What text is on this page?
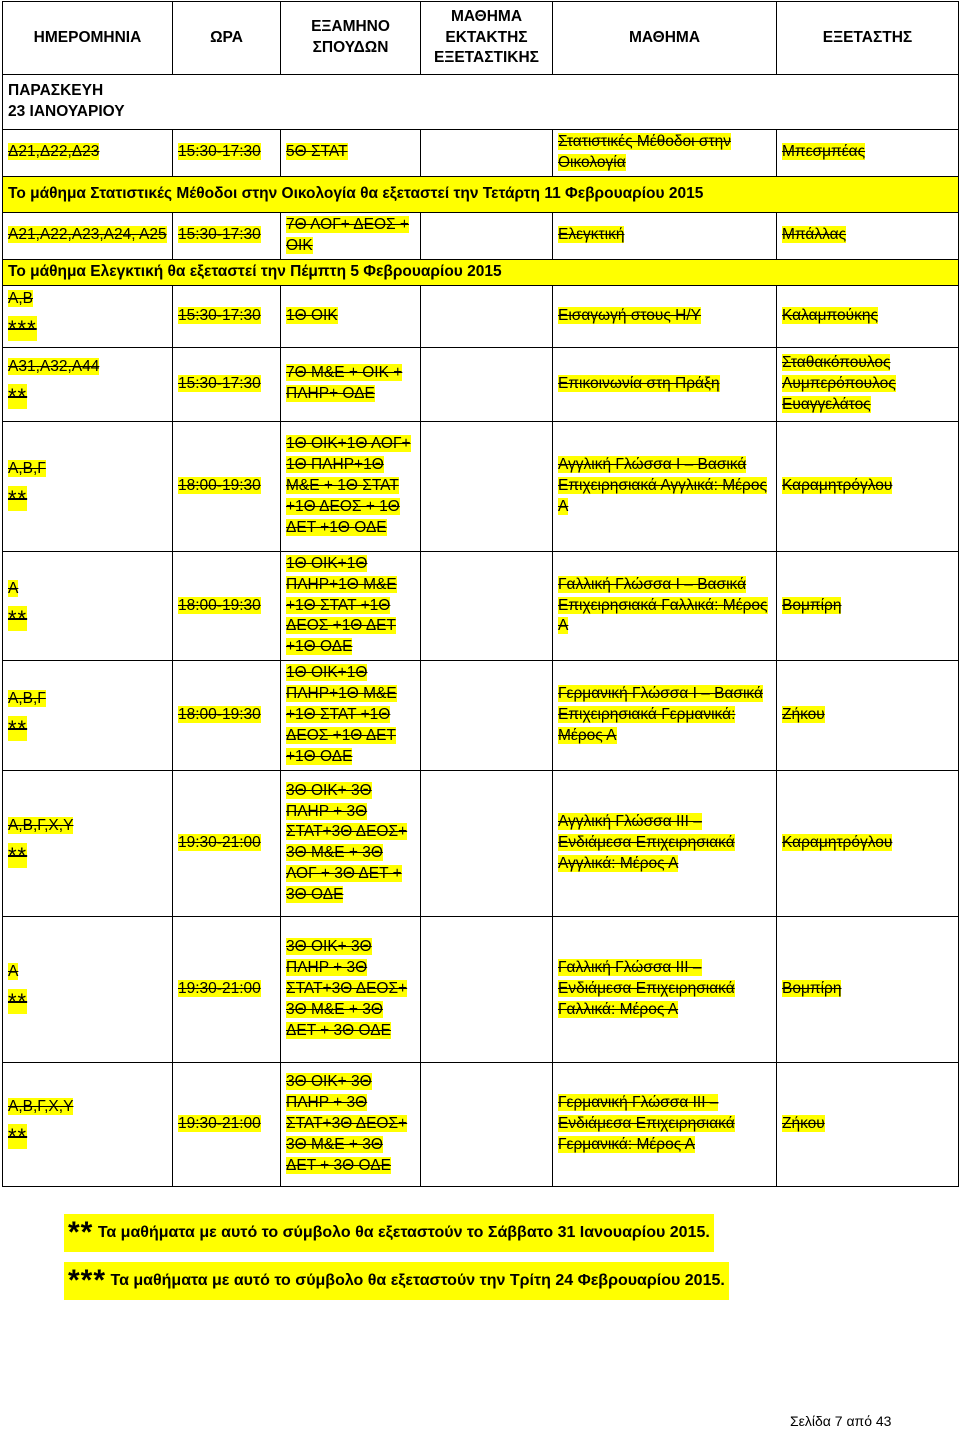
ΗΜΕΡΟΜΗΝΙΑ	ΩΡΑ	ΕΞΑΜΗΝΟ ΣΠΟΥΔΩΝ	ΜΑΘΗΜΑ ΕΚΤΑΚΤΗΣ ΕΞΕΤΑΣΤΙΚΗΣ	ΜΑΘΗΜΑ	ΕΞΕΤΑΣΤΗΣ

ΠΑΡΑΣΚΕΥΗ
23 ΙΑΝΟΥΑΡΙΟΥ					

Δ21,Δ22,Δ23	15:30-17:30	5Θ ΣΤΑΤ		Στατιστικές Μέθοδοι στην Οικολογία	Μπεσμπέας
Το μάθημα Στατιστικές Μέθοδοι στην Οικολογία θα εξεταστεί την Τετάρτη 11 Φεβρουαρίου 2015					
Α21,Α22,Α23,Α24, Α25	15:30-17:30	7Θ ΛΟΓ+ ΔΕΟΣ + ΟΙΚ		Ελεγκτική	Μπάλλας
Το μάθημα Ελεγκτική θα εξεταστεί την Πέμπτη 5 Φεβρουαρίου 2015					
Α,Β
***	15:30-17:30	1Θ ΟΙΚ		Εισαγωγή στους Η/Υ	Καλαμπούκης
Α31,Α32,Α44
**	15:30-17:30	7Θ Μ&Ε + ΟΙΚ + ΠΛΗΡ+ ΟΔΕ		Επικοινωνία στη Πράξη	Σταθακόπουλος Λυμπερόπουλος Ευαγγελάτος
Α,Β,Γ
**	18:00-19:30	1Θ ΟΙΚ+1Θ ΛΟΓ+ 1Θ ΠΛΗΡ+1Θ Μ&Ε + 1Θ ΣΤΑΤ +1Θ ΔΕΟΣ + 1Θ ΔΕΤ +1Θ ΟΔΕ		Αγγλική Γλώσσα Ι – Βασικά Επιχειρησιακά Αγγλικά: Μέρος Α	Καραμητρόγλου
Α
**	18:00-19:30	1Θ ΟΙΚ+1Θ ΠΛΗΡ+1Θ Μ&Ε +1Θ ΣΤΑΤ +1Θ ΔΕΟΣ +1Θ ΔΕΤ +1Θ ΟΔΕ		Γαλλική Γλώσσα Ι – Βασικά Επιχειρησιακά Γαλλικά: Μέρος Α	Βομπίρη
Α,Β,Γ
**	18:00-19:30	1Θ ΟΙΚ+1Θ ΠΛΗΡ+1Θ Μ&Ε +1Θ ΣΤΑΤ +1Θ ΔΕΟΣ +1Θ ΔΕΤ +1Θ ΟΔΕ		Γερμανική Γλώσσα Ι – Βασικά Επιχειρησιακά Γερμανικά: Μέρος Α	Ζήκου
Α,Β,Γ,Χ,Υ
**	19:30-21:00	3Θ ΟΙΚ+ 3Θ ΠΛΗΡ + 3Θ ΣΤΑΤ+3Θ ΔΕΟΣ+ 3Θ Μ&Ε + 3Θ ΛΟΓ + 3Θ ΔΕΤ + 3Θ ΟΔΕ		Αγγλική Γλώσσα ΙΙΙ – Ενδιάμεσα Επιχειρησιακά Αγγλικά: Μέρος Α	Καραμητρόγλου
Α
**	19:30-21:00	3Θ ΟΙΚ+ 3Θ ΠΛΗΡ + 3Θ ΣΤΑΤ+3Θ ΔΕΟΣ+ 3Θ Μ&Ε + 3Θ ΔΕΤ + 3Θ ΟΔΕ		Γαλλική Γλώσσα ΙΙΙ – Ενδιάμεσα Επιχειρησιακά Γαλλικά: Μέρος Α	Βομπίρη
Α,Β,Γ,Χ,Υ
**	19:30-21:00	3Θ ΟΙΚ+ 3Θ ΠΛΗΡ + 3Θ ΣΤΑΤ+3Θ ΔΕΟΣ+ 3Θ Μ&Ε + 3Θ ΔΕΤ + 3Θ ΟΔΕ		Γερμανική Γλώσσα ΙΙΙ – Ενδιάμεσα Επιχειρησιακά Γερμανικά: Μέρος Α	Ζήκου
** Τα μαθήματα με αυτό το σύμβολο θα εξεταστούν το Σάββατο 31 Ιανουαρίου 2015.
*** Τα μαθήματα με αυτό το σύμβολο θα εξεταστούν την Τρίτη 24 Φεβρουαρίου 2015.
Σελίδα 7 από 43
